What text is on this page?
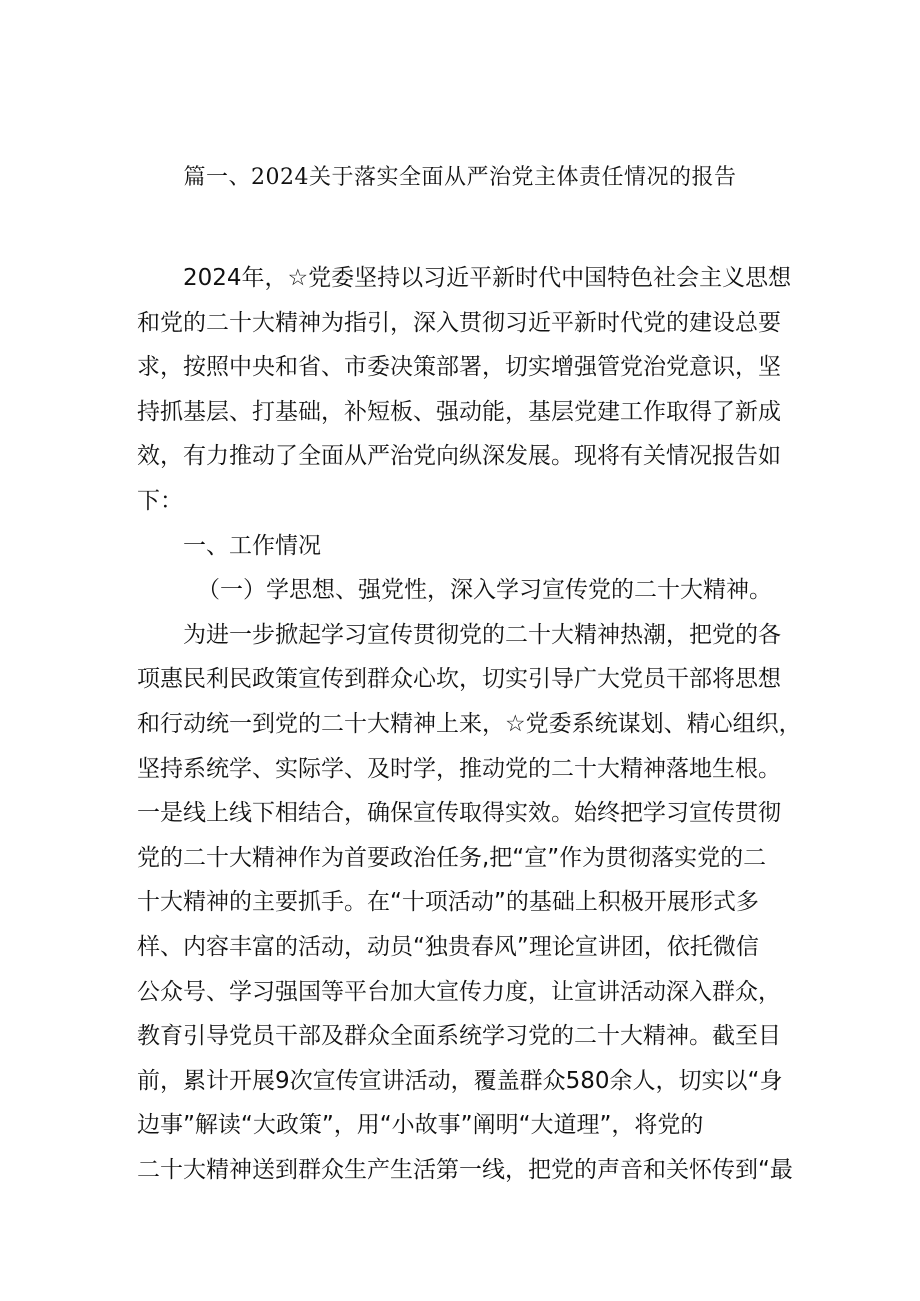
篇一、2024关于落实全面从严治党主体责任情况的报告
2024年，☆党委坚持以习近平新时代中国特色社会主义思想
和党的二十大精神为指引，深入贯彻习近平新时代党的建设总要
求，按照中央和省、市委决策部署，切实增强管党治党意识，坚
持抓基层、打基础，补短板、强动能，基层党建工作取得了新成
效，有力推动了全面从严治党向纵深发展。现将有关情况报告如
下：
一、工作情况
（一）学思想、强党性，深入学习宣传党的二十大精神。
为进一步掀起学习宣传贯彻党的二十大精神热潮，把党的各
项惠民利民政策宣传到群众心坎，切实引导广大党员干部将思想
和行动统一到党的二十大精神上来，☆党委系统谋划、精心组织，
坚持系统学、实际学、及时学，推动党的二十大精神落地生根。
一是线上线下相结合，确保宣传取得实效。始终把学习宣传贯彻
党的二十大精神作为首要政治任务,把“宣”作为贯彻落实党的二
十大精神的主要抓手。在“十项活动”的基础上积极开展形式多
样、内容丰富的活动，动员“独贵春风”理论宣讲团，依托微信
公众号、学习强国等平台加大宣传力度，让宣讲活动深入群众，
教育引导党员干部及群众全面系统学习党的二十大精神。截至目
前，累计开展9次宣传宣讲活动，覆盖群众580余人，切实以“身
边事”解读“大政策”，用“小故事”阐明“大道理”，将党的
二十大精神送到群众生产生活第一线，把党的声音和关怀传到“最
